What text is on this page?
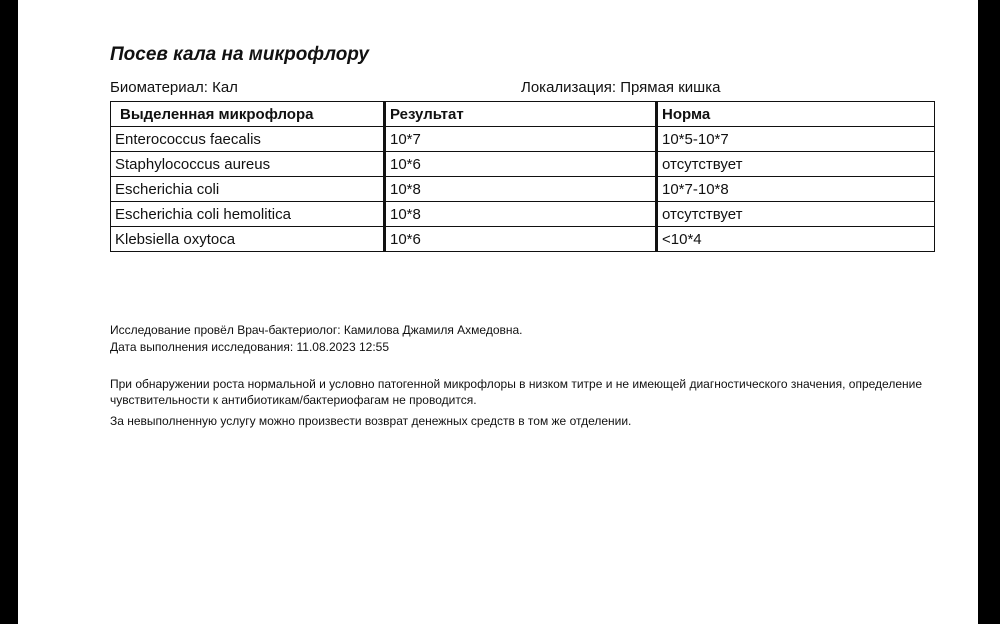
Посев кала на микрофлору
Биоматериал: Кал	Локализация: Прямая кишка
Выделенная микрофлора	Результат	Норма
Enterococcus faecalis	10*7	10*5-10*7
Staphylococcus aureus	10*6	отсутствует
Escherichia coli	10*8	10*7-10*8
Escherichia coli hemolitica	10*8	отсутствует
Klebsiella oxytoca	10*6	<10*4
Исследование провёл Врач-бактериолог: Камилова Джамиля Ахмедовна.
Дата выполнения исследования: 11.08.2023 12:55
При обнаружении роста нормальной и условно патогенной микрофлоры в низком титре и не имеющей диагностического значения, определение чувствительности к антибиотикам/бактериофагам не проводится.
За невыполненную услугу можно произвести возврат денежных средств в том же отделении.
